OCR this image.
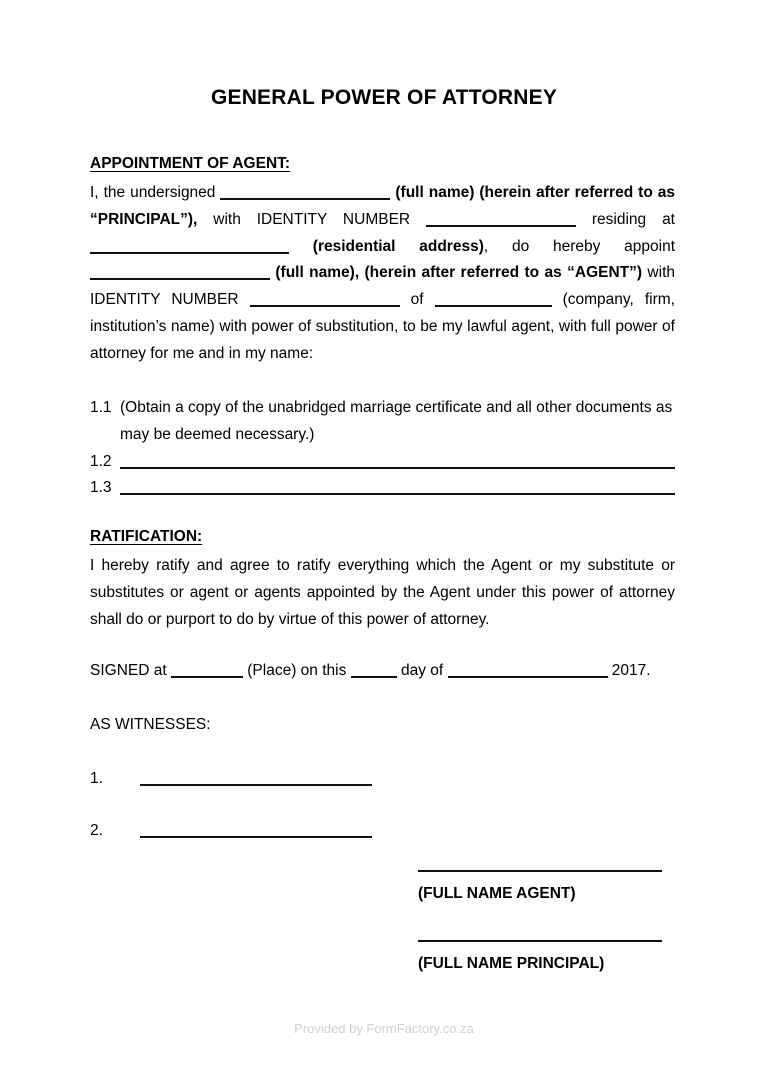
GENERAL POWER OF ATTORNEY
APPOINTMENT OF AGENT:
I, the undersigned	(full name) (herein after referred to as “PRINCIPAL”), with IDENTITY NUMBER	residing at  (residential address), do hereby appoint  (full name), (herein after referred to as “AGENT”) with IDENTITY NUMBER	of	(company, firm, institution’s name) with power of substitution, to be my lawful agent, with full power of attorney for me and in my name:
1.1 (Obtain a copy of the unabridged marriage certificate and all other documents as may be deemed necessary.)
1.2
1.3
RATIFICATION:
I hereby ratify and agree to ratify everything which the Agent or my substitute or substitutes or agent or agents appointed by the Agent under this power of attorney shall do or purport to do by virtue of this power of attorney.
SIGNED at	(Place) on this	day of	2017.
AS WITNESSES:
1.
2.
(FULL NAME AGENT)
(FULL NAME PRINCIPAL)
Provided by FormFactory.co.za
